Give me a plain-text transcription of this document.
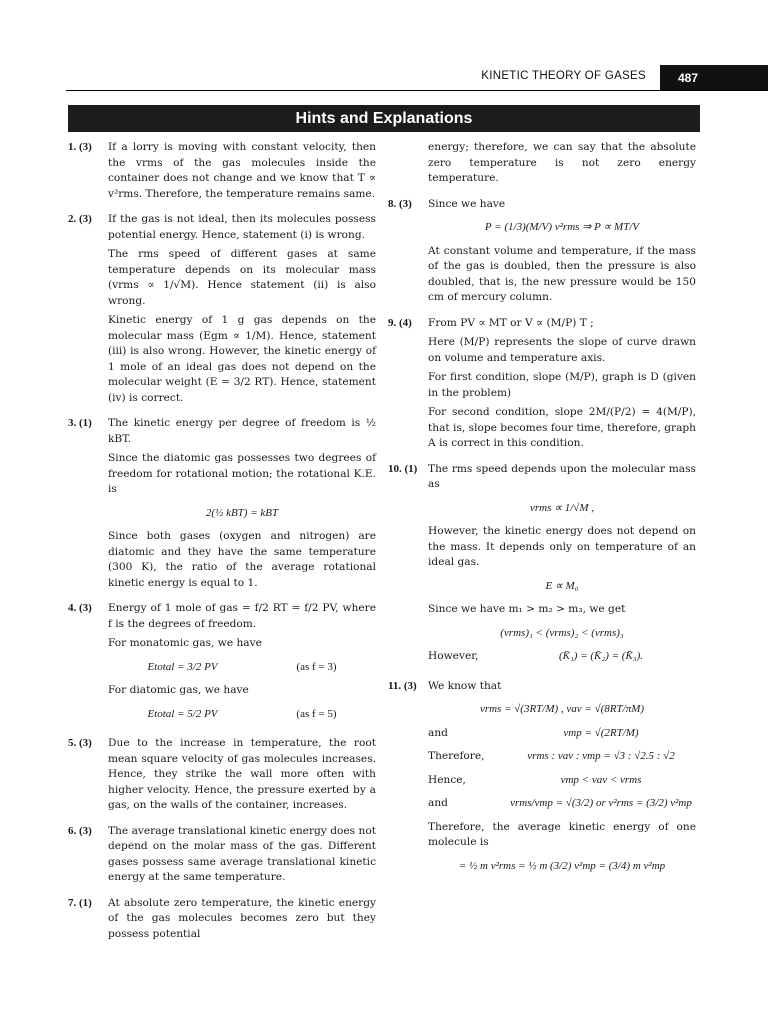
KINETIC THEORY OF GASES	487
Hints and Explanations
1. (3)	If a lorry is moving with constant velocity, then the vrms of the gas molecules inside the container does not change and we know that T ∝ v²rms. Therefore, the temperature remains same.
2. (3)	If the gas is not ideal, then its molecules possess potential energy. Hence, statement (i) is wrong.
The rms speed of different gases at same temperature depends on its molecular mass (vrms ∝ 1/√M). Hence statement (ii) is also wrong.
Kinetic energy of 1 g gas depends on the molecular mass (Egm ∝ 1/M). Hence, statement (iii) is also wrong. However, the kinetic energy of 1 mole of an ideal gas does not depend on the molecular weight (E = 3/2 RT). Hence, statement (iv) is correct.
3. (1)	The kinetic energy per degree of freedom is ½ kBT.
Since the diatomic gas possesses two degrees of freedom for rotational motion; the rotational K.E. is
2(½ kBT) = kBT
Since both gases (oxygen and nitrogen) are diatomic and they have the same temperature (300 K), the ratio of the average rotational kinetic energy is equal to 1.
4. (3)	Energy of 1 mole of gas = f/2 RT = f/2 PV, where f is the degrees of freedom.
For monatomic gas, we have
Etotal = 3/2 PV	(as f = 3)
For diatomic gas, we have
Etotal = 5/2 PV	(as f = 5)
5. (3)	Due to the increase in temperature, the root mean square velocity of gas molecules increases. Hence, they strike the wall more often with higher velocity. Hence, the pressure exerted by a gas, on the walls of the container, increases.
6. (3)	The average translational kinetic energy does not depend on the molar mass of the gas. Different gases possess same average translational kinetic energy at the same temperature.
7. (1)	At absolute zero temperature, the kinetic energy of the gas molecules becomes zero but they possess potential
energy; therefore, we can say that the absolute zero temperature is not zero energy temperature.
8. (3)	Since we have
P = (1/3)(M/V) v²rms ⇒ P ∝ MT/V
At constant volume and temperature, if the mass of the gas is doubled, then the pressure is also doubled, that is, the new pressure would be 150 cm of mercury column.
9. (4)	From PV ∝ MT or V ∝ (M/P) T ;
Here (M/P) represents the slope of curve drawn on volume and temperature axis.
For first condition, slope (M/P), graph is D (given in the problem)
For second condition, slope 2M/(P/2) = 4(M/P), that is, slope becomes four time, therefore, graph A is correct in this condition.
10. (1)	The rms speed depends upon the molecular mass as
vrms ∝ 1/√M ,
However, the kinetic energy does not depend on the mass. It depends only on temperature of an ideal gas.
E ∝ M₀
Since we have m₁ > m₂ > m₃, we get
(vrms)₁ < (vrms)₂ < (vrms)₃
However,	(K̄₁) = (K̄₂) = (K̄₃).
11. (3)	We know that
vrms = √(3RT/M) , vav = √(8RT/πM)
and	vmp = √(2RT/M)
Therefore,	vrms : vav : vmp = √3 : √2.5 : √2
Hence,	vmp < vav < vrms
and	vrms/vmp = √(3/2) or v²rms = (3/2) v²mp
Therefore, the average kinetic energy of one molecule is
= ½ m v²rms = ½ m (3/2) v²mp = (3/4) m v²mp
